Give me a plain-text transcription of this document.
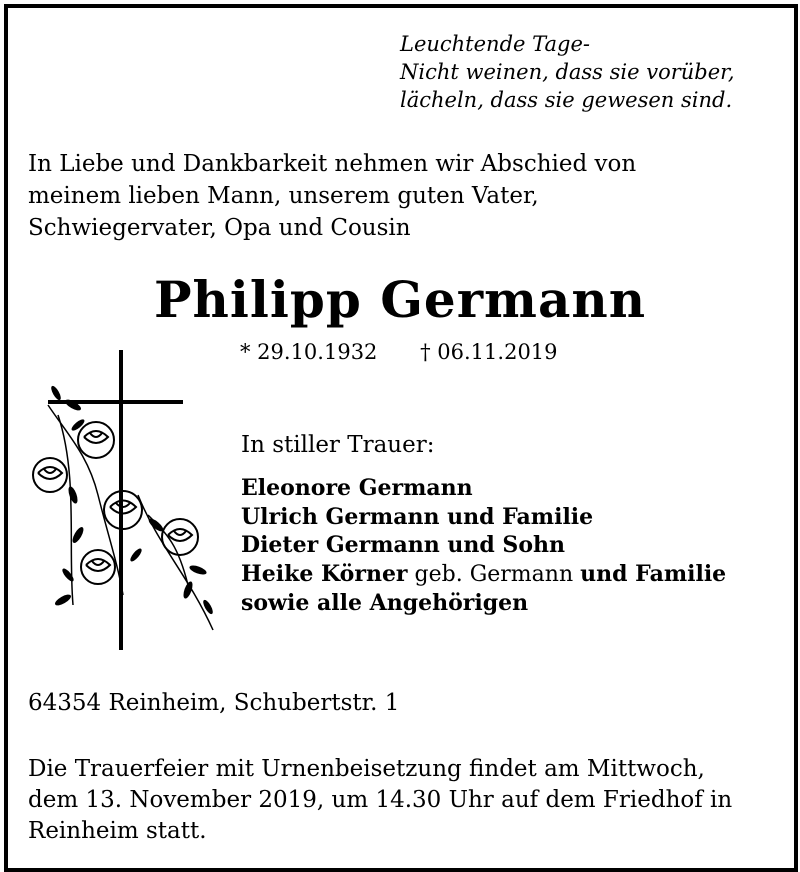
Leuchtende Tage-
Nicht weinen, dass sie vorüber,
lächeln, dass sie gewesen sind.
In Liebe und Dankbarkeit nehmen wir Abschied von
meinem lieben Mann, unserem guten Vater,
Schwiegervater, Opa und Cousin
Philipp Germann
* 29.10.1932 † 06.11.2019
In stiller Trauer:
Eleonore Germann
Ulrich Germann und Familie
Dieter Germann und Sohn
Heike Körner geb. Germann und Familie
sowie alle Angehörigen
64354 Reinheim, Schubertstr. 1
Die Trauerfeier mit Urnenbeisetzung findet am Mittwoch,
dem 13. November 2019, um 14.30 Uhr auf dem Friedhof in
Reinheim statt.
